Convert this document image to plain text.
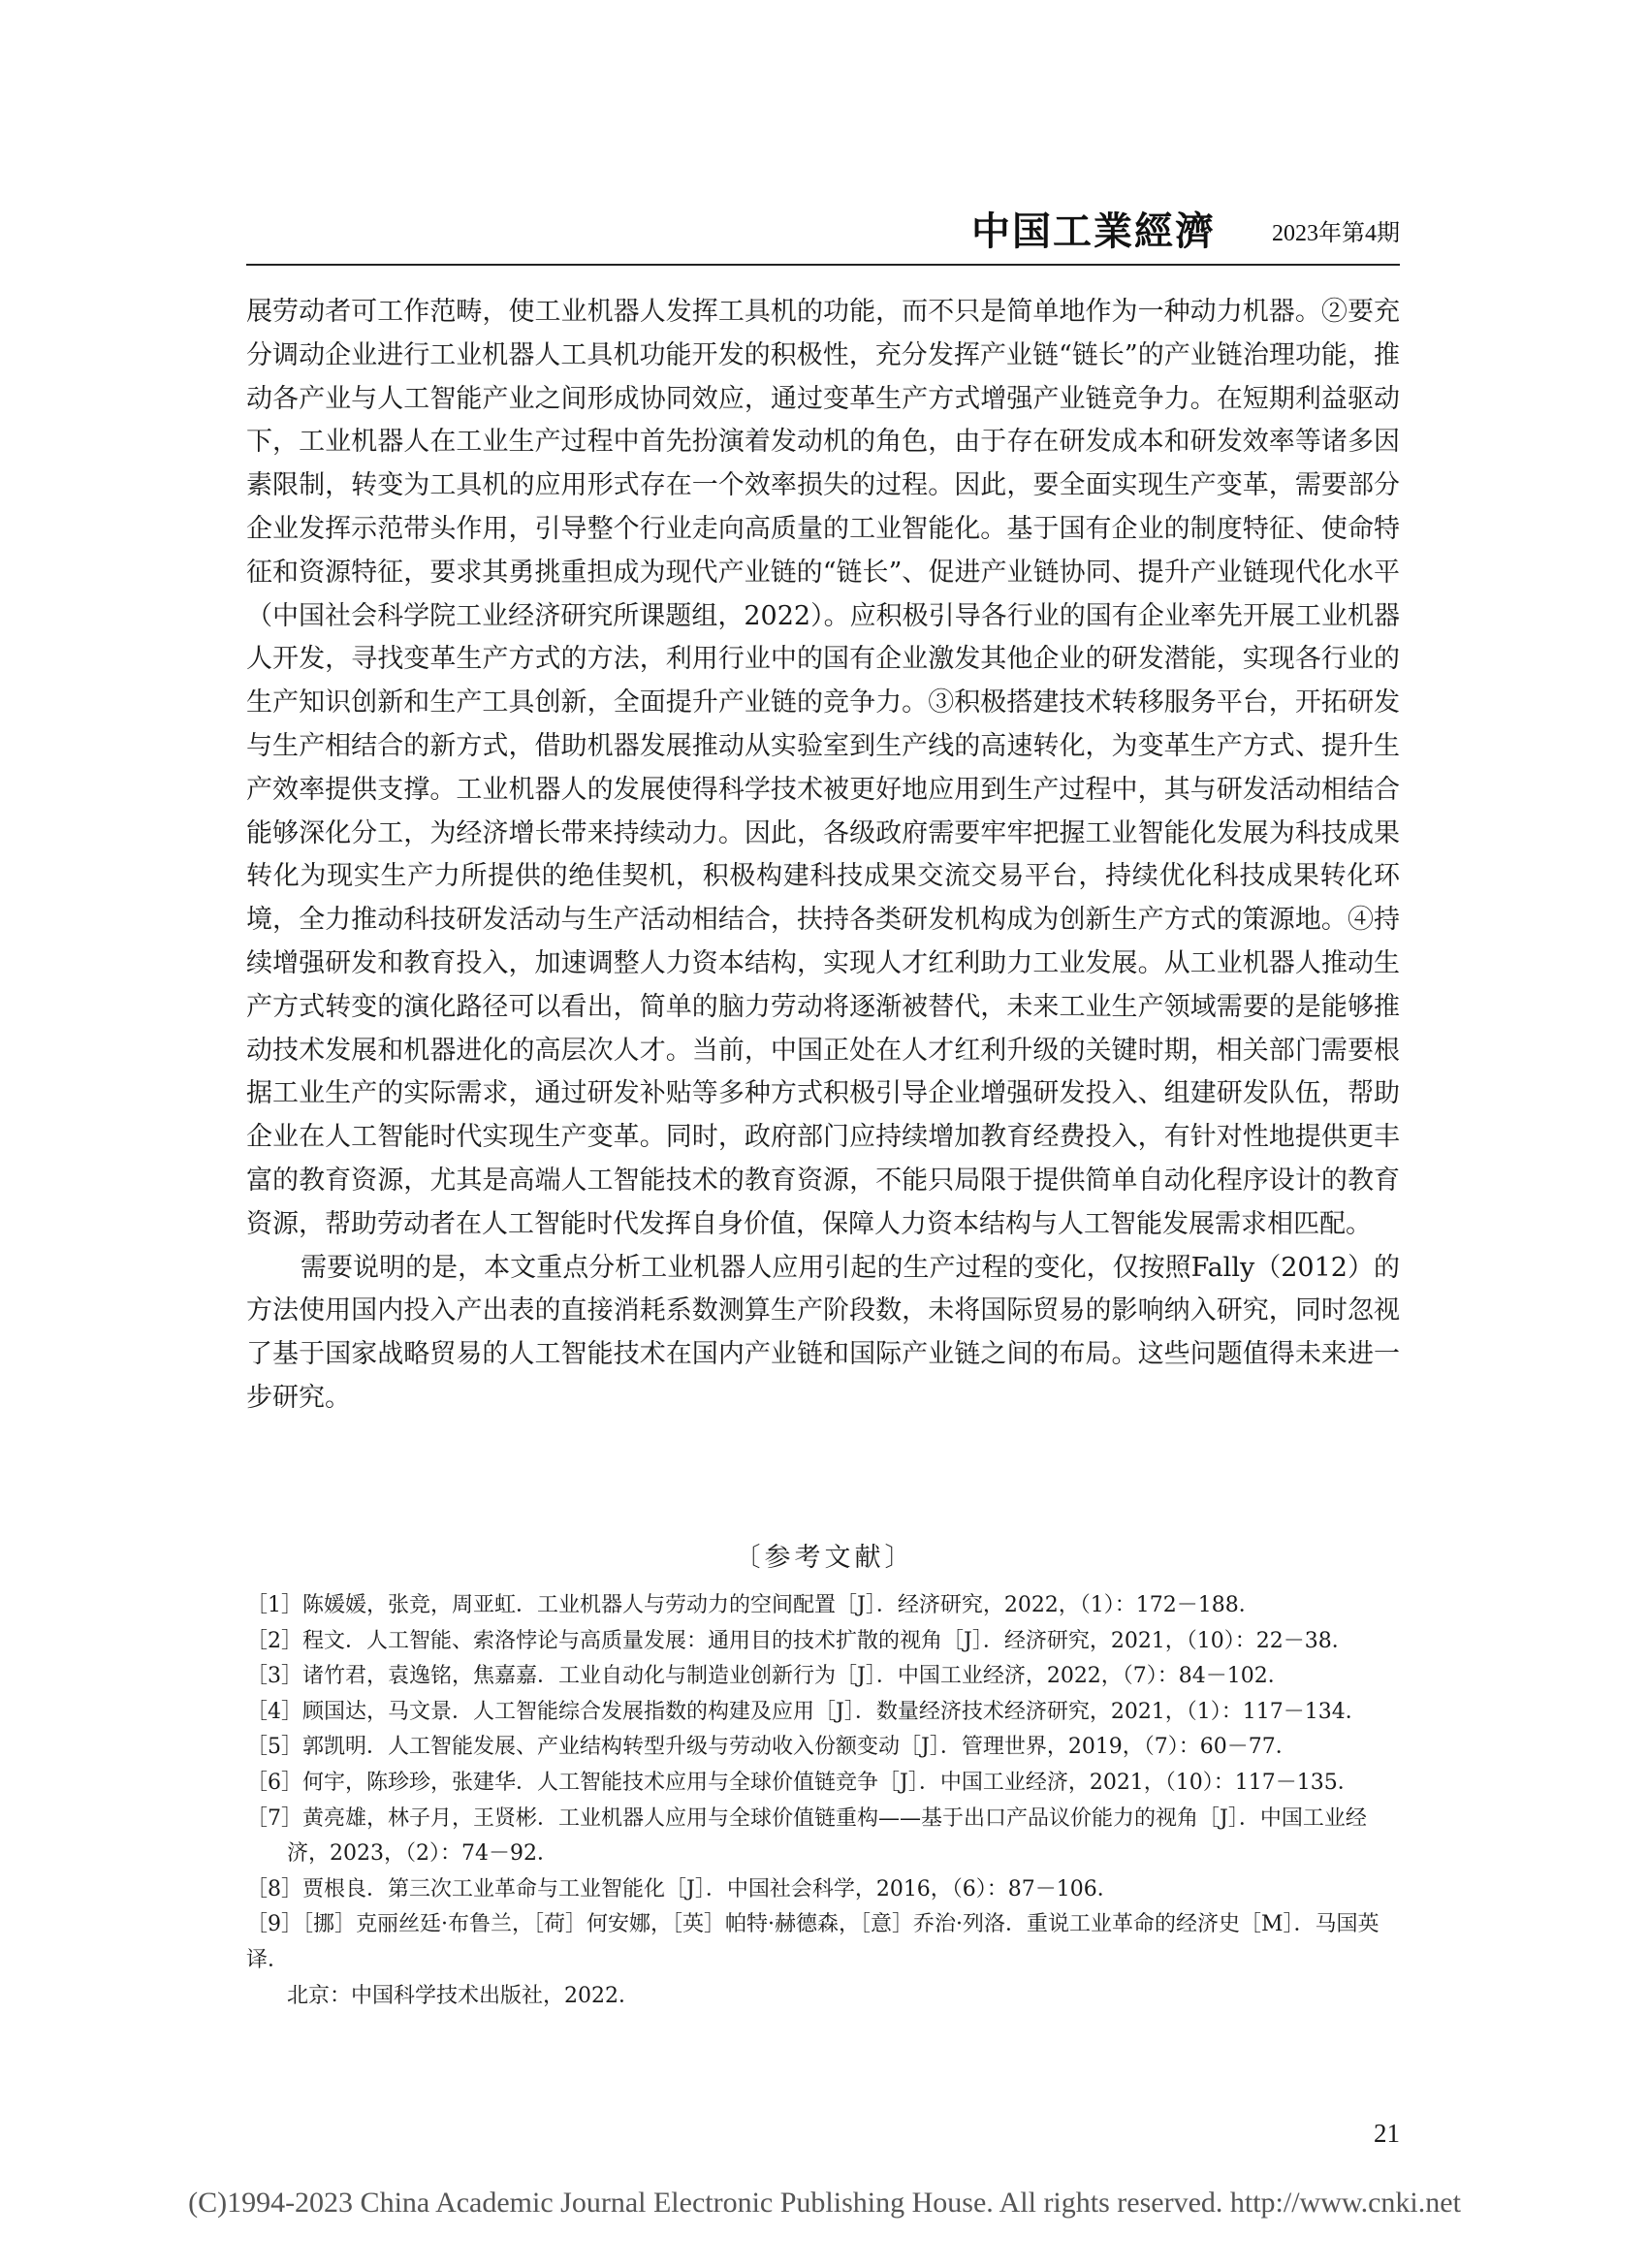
中国工業經濟 2023年第4期

展劳动者可工作范畴，使工业机器人发挥工具机的功能，而不只是简单地作为一种动力机器。②要充分调动企业进行工业机器人工具机功能开发的积极性，充分发挥产业链“链长”的产业链治理功能，推动各产业与人工智能产业之间形成协同效应，通过变革生产方式增强产业链竞争力。在短期利益驱动下，工业机器人在工业生产过程中首先扮演着发动机的角色，由于存在研发成本和研发效率等诸多因素限制，转变为工具机的应用形式存在一个效率损失的过程。因此，要全面实现生产变革，需要部分企业发挥示范带头作用，引导整个行业走向高质量的工业智能化。基于国有企业的制度特征、使命特征和资源特征，要求其勇挑重担成为现代产业链的“链长”、促进产业链协同、提升产业链现代化水平（中国社会科学院工业经济研究所课题组，2022）。应积极引导各行业的国有企业率先开展工业机器人开发，寻找变革生产方式的方法，利用行业中的国有企业激发其他企业的研发潜能，实现各行业的生产知识创新和生产工具创新，全面提升产业链的竞争力。③积极搭建技术转移服务平台，开拓研发与生产相结合的新方式，借助机器发展推动从实验室到生产线的高速转化，为变革生产方式、提升生产效率提供支撑。工业机器人的发展使得科学技术被更好地应用到生产过程中，其与研发活动相结合能够深化分工，为经济增长带来持续动力。因此，各级政府需要牢牢把握工业智能化发展为科技成果转化为现实生产力所提供的绝佳契机，积极构建科技成果交流交易平台，持续优化科技成果转化环境，全力推动科技研发活动与生产活动相结合，扶持各类研发机构成为创新生产方式的策源地。④持续增强研发和教育投入，加速调整人力资本结构，实现人才红利助力工业发展。从工业机器人推动生产方式转变的演化路径可以看出，简单的脑力劳动将逐渐被替代，未来工业生产领域需要的是能够推动技术发展和机器进化的高层次人才。当前，中国正处在人才红利升级的关键时期，相关部门需要根据工业生产的实际需求，通过研发补贴等多种方式积极引导企业增强研发投入、组建研发队伍，帮助企业在人工智能时代实现生产变革。同时，政府部门应持续增加教育经费投入，有针对性地提供更丰富的教育资源，尤其是高端人工智能技术的教育资源，不能只局限于提供简单自动化程序设计的教育资源，帮助劳动者在人工智能时代发挥自身价值，保障人力资本结构与人工智能发展需求相匹配。

需要说明的是，本文重点分析工业机器人应用引起的生产过程的变化，仅按照Fally（2012）的方法使用国内投入产出表的直接消耗系数测算生产阶段数，未将国际贸易的影响纳入研究，同时忽视了基于国家战略贸易的人工智能技术在国内产业链和国际产业链之间的布局。这些问题值得未来进一步研究。

〔参考文献〕
［1］陈媛媛，张竞，周亚虹．工业机器人与劳动力的空间配置［J］．经济研究，2022，（1）：172－188．
［2］程文．人工智能、索洛悖论与高质量发展：通用目的技术扩散的视角［J］．经济研究，2021，（10）：22－38．
［3］诸竹君，袁逸铭，焦嘉嘉．工业自动化与制造业创新行为［J］．中国工业经济，2022，（7）：84－102．
［4］顾国达，马文景．人工智能综合发展指数的构建及应用［J］．数量经济技术经济研究，2021，（1）：117－134．
［5］郭凯明．人工智能发展、产业结构转型升级与劳动收入份额变动［J］．管理世界，2019，（7）：60－77．
［6］何宇，陈珍珍，张建华．人工智能技术应用与全球价值链竞争［J］．中国工业经济，2021，（10）：117－135．
［7］黄亮雄，林子月，王贤彬．工业机器人应用与全球价值链重构——基于出口产品议价能力的视角［J］．中国工业经
济，2023，（2）：74－92．
［8］贾根良．第三次工业革命与工业智能化［J］．中国社会科学，2016，（6）：87－106．
［9］［挪］克丽丝廷·布鲁兰，［荷］何安娜，［英］帕特·赫德森，［意］乔治·列洛．重说工业革命的经济史［M］．马国英译．
北京：中国科学技术出版社，2022．
21
(C)1994-2023 China Academic Journal Electronic Publishing House. All rights reserved. http://www.cnki.net
